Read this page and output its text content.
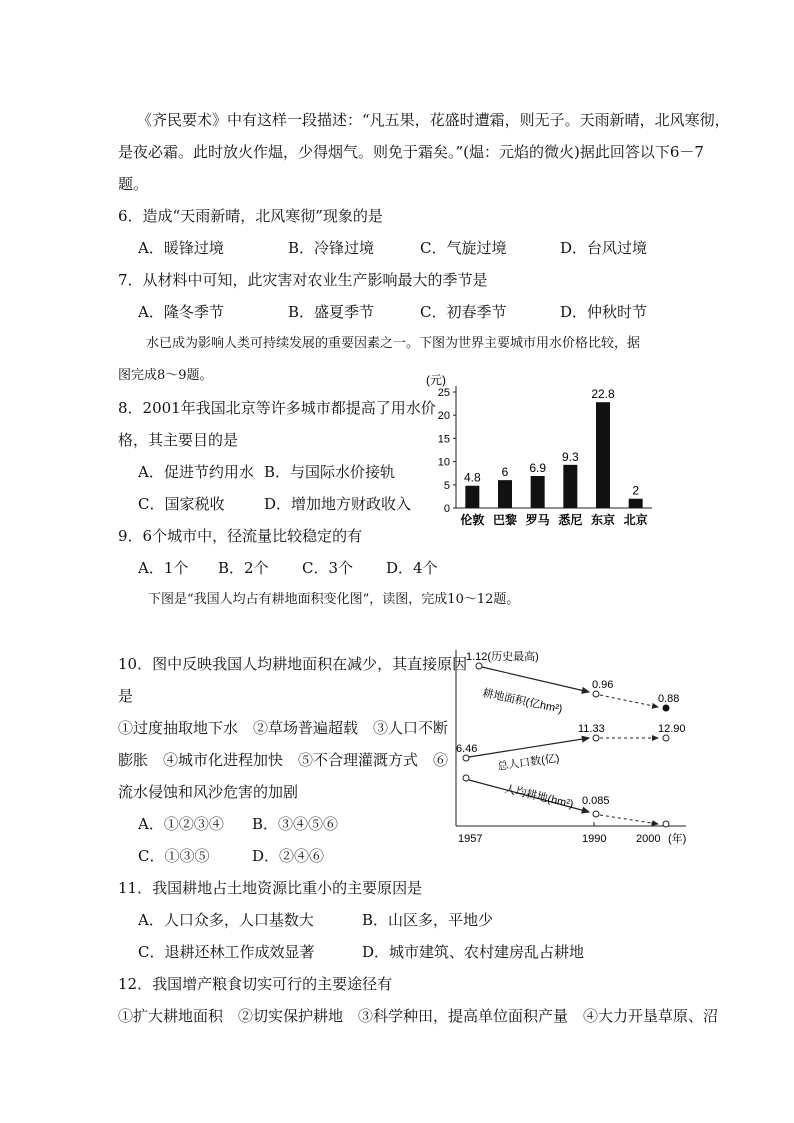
《齐民要术》中有这样一段描述：“凡五果，花盛时遭霜，则无子。天雨新晴，北风寒彻，
是夜必霜。此时放火作煴，少得烟气。则免于霜矣。”(煴：元焰的微火)据此回答以下6－7
题。
6．造成“天雨新晴，北风寒彻”现象的是
A．暖锋过境	B．冷锋过境	C．气旋过境	D．台风过境
7．从材料中可知，此灾害对农业生产影响最大的季节是
A．隆冬季节	B．盛夏季节	C．初春季节	D．仲秋时节
水已成为影响人类可持续发展的重要因素之一。下图为世界主要城市用水价格比较，据
图完成8～9题。
8．2001年我国北京等许多城市都提高了用水价
格，其主要目的是
A．促进节约用水 B．与国际水价接轨
C．国家税收	D．增加地方财政收入
(元)
0
5
10
15
20
25
4.8
伦敦
6
巴黎
6.9
罗马
9.3
悉尼
22.8
东京
2
北京
9．6个城市中，径流量比较稳定的有
A．1个 B．2个 C．3个 D．4个
下图是“我国人均占有耕地面积变化图”，读图，完成10～12题。
10．图中反映我国人均耕地面积在减少，其直接原因
是
①过度抽取地下水　②草场普遍超载　③人口不断
膨胀　④城市化进程加快　⑤不合理灌溉方式　⑥
流水侵蚀和风沙危害的加剧
A．①②③④ B．③④⑤⑥
C．①③⑤	D．②④⑥
1957	1990	2000 (年)
1.12(历史最高)
耕地面积(亿hm²)
0.96
0.88
6.46
总人口数(亿)
11.33	12.90
人均耕地(hm²) 0.085
11．我国耕地占土地资源比重小的主要原因是
A．人口众多，人口基数大	B．山区多，平地少
C．退耕还林工作成效显著	D．城市建筑、农村建房乱占耕地
12．我国增产粮食切实可行的主要途径有
①扩大耕地面积　②切实保护耕地　③科学种田，提高单位面积产量　④大力开垦草原、沼
